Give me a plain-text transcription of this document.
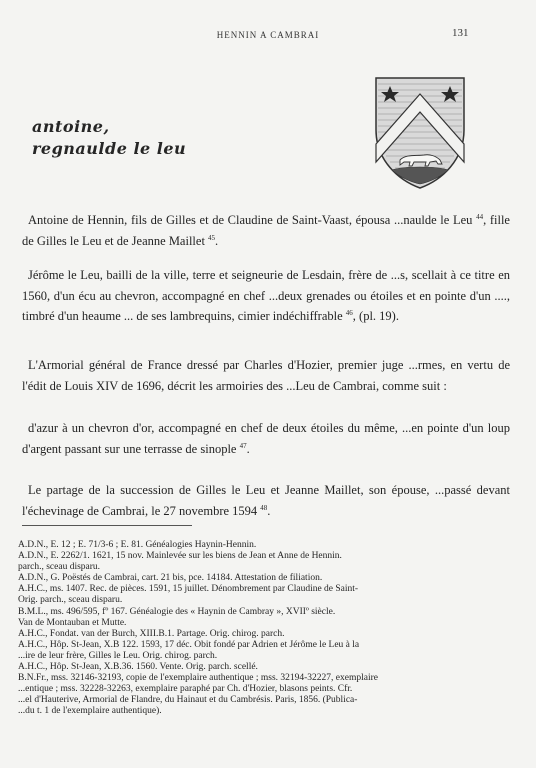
HENNIN A CAMBRAI	131
antoine,
regnaulde le leu

Antoine de Hennin, fils de Gilles et de Claudine de Saint-Vaast, épousa ...naulde le Leu $^{44}$, fille de Gilles le Leu et de Jeanne Maillet $^{45}$.

Jérôme le Leu, bailli de la ville, terre et seigneurie de Lesdain, frère de ...s, scellait à ce titre en 1560, d'un écu au chevron, accompagné en chef ...deux grenades ou étoiles et en pointe d'un ...., timbré d'un heaume ... de ses lambrequins, cimier indéchiffrable $^{46}$, (pl. 19).

L'Armorial général de France dressé par Charles d'Hozier, premier juge ...rmes, en vertu de l'édit de Louis XIV de 1696, décrit les armoiries des ...Leu de Cambrai, comme suit :

d'azur à un chevron d'or, accompagné en chef de deux étoiles du même, ...en pointe d'un loup d'argent passant sur une terrasse de sinople $^{47}$.

Le partage de la succession de Gilles le Leu et Jeanne Maillet, son épouse, ...passé devant l'échevinage de Cambrai, le 27 novembre 1594 $^{48}$.

A.D.N., E. 12 ; E. 71/3-6 ; E. 81. Généalogies Haynin-Hennin.
A.D.N., E. 2262/1. 1621, 15 nov. Mainlevée sur les biens de Jean et Anne de Hennin.
parch., sceau disparu.
A.D.N., G. Poëstés de Cambrai, cart. 21 bis, pce. 14184. Attestation de filiation.
A.H.C., ms. 1407. Rec. de pièces. 1591, 15 juillet. Dénombrement par Claudine de Saint-
Orig. parch., sceau disparu.
B.M.L., ms. 496/595, fº 167. Généalogie des « Haynin de Cambray », XVIIº siècle.
Van de Montauban et Mutte.
A.H.C., Fondat. van der Burch, XIII.B.1. Partage. Orig. chirog. parch.
A.H.C., Hôp. St-Jean, X.B 122. 1593, 17 déc. Obit fondé par Adrien et Jérôme le Leu à la
...ire de leur frère, Gilles le Leu. Orig. chirog. parch.
A.H.C., Hôp. St-Jean, X.B.36. 1560. Vente. Orig. parch. scellé.
B.N.Fr., mss. 32146-32193, copie de l'exemplaire authentique ; mss. 32194-32227, exemplaire
...entique ; mss. 32228-32263, exemplaire paraphé par Ch. d'Hozier, blasons peints. Cfr.
...el d'Hauterive, Armorial de Flandre, du Hainaut et du Cambrésis. Paris, 1856. (Publica-
...du t. 1 de l'exemplaire authentique).
